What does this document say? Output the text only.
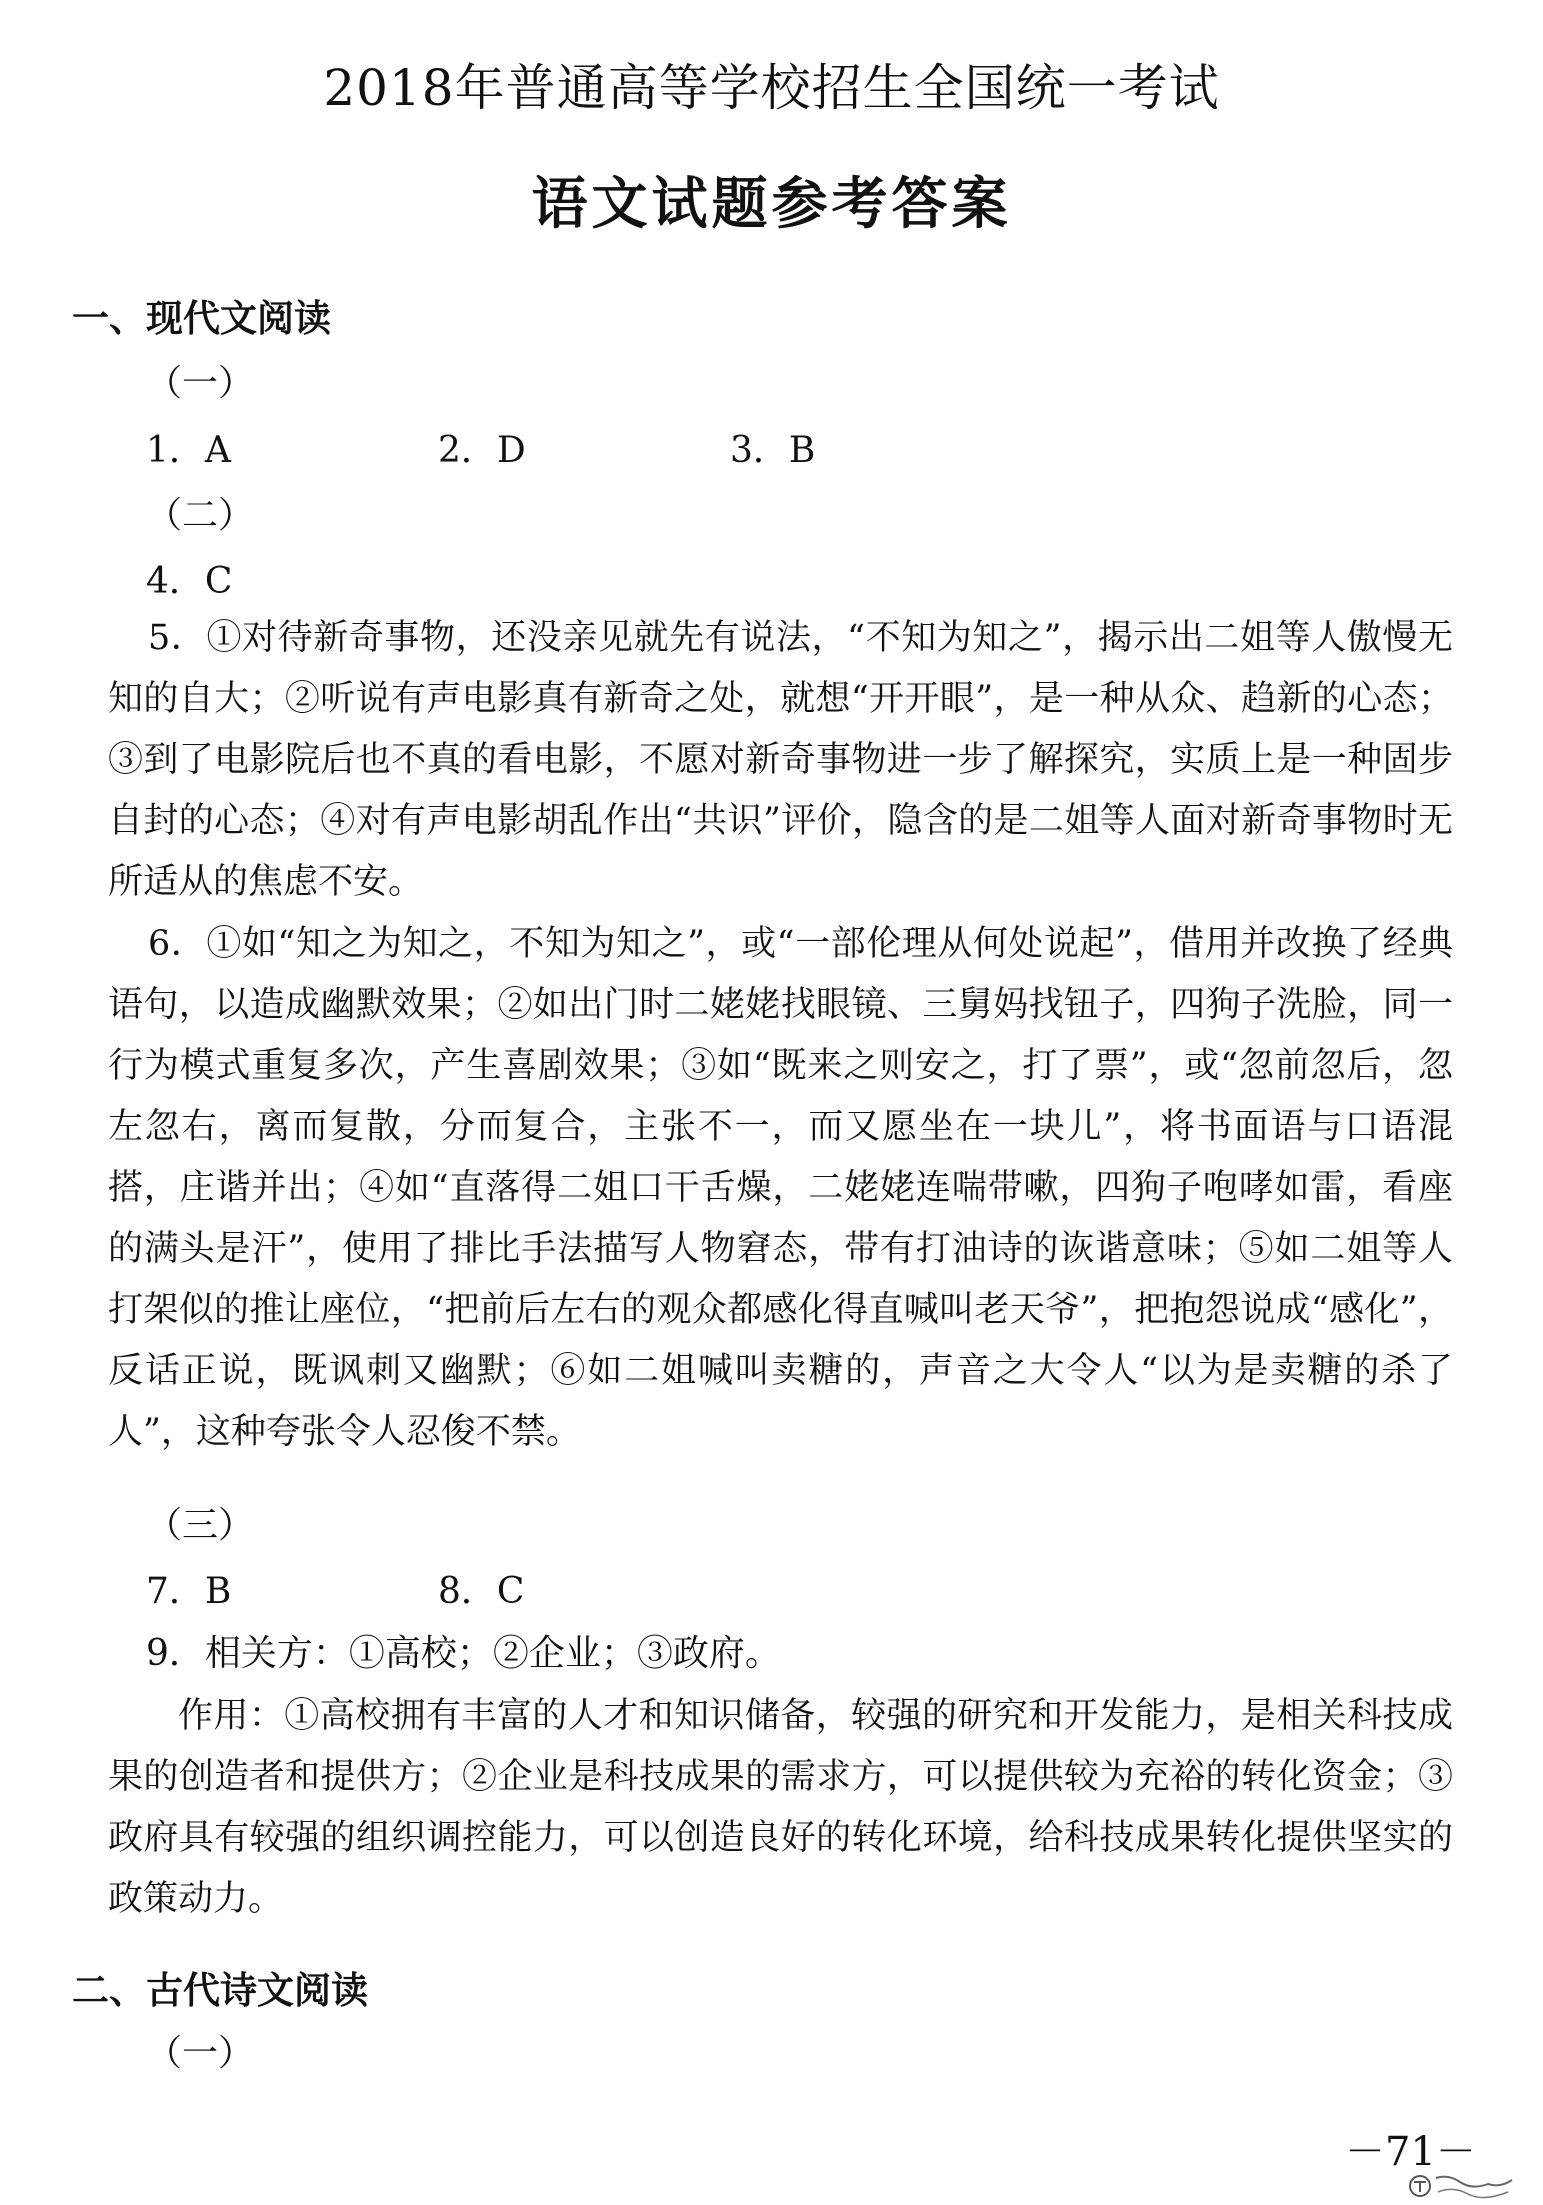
2018年普通高等学校招生全国统一考试
语文试题参考答案
一、现代文阅读
（一）
1．A	2．D	3．B
（二）
4．C
5．①对待新奇事物，还没亲见就先有说法，“不知为知之”，揭示出二姐等人傲慢无知的自大；②听说有声电影真有新奇之处，就想“开开眼”，是一种从众、趋新的心态；③到了电影院后也不真的看电影，不愿对新奇事物进一步了解探究，实质上是一种固步自封的心态；④对有声电影胡乱作出“共识”评价，隐含的是二姐等人面对新奇事物时无所适从的焦虑不安。
6．①如“知之为知之，不知为知之”，或“一部伦理从何处说起”，借用并改换了经典语句，以造成幽默效果；②如出门时二姥姥找眼镜、三舅妈找钮子，四狗子洗脸，同一行为模式重复多次，产生喜剧效果；③如“既来之则安之，打了票”，或“忽前忽后，忽左忽右，离而复散，分而复合，主张不一，而又愿坐在一块儿”，将书面语与口语混搭，庄谐并出；④如“直落得二姐口干舌燥，二姥姥连喘带嗽，四狗子咆哮如雷，看座的满头是汗”，使用了排比手法描写人物窘态，带有打油诗的诙谐意味；⑤如二姐等人打架似的推让座位，“把前后左右的观众都感化得直喊叫老天爷”，把抱怨说成“感化”，反话正说，既讽刺又幽默；⑥如二姐喊叫卖糖的，声音之大令人“以为是卖糖的杀了人”，这种夸张令人忍俊不禁。
（三）
7．B	8．C
9．相关方：①高校；②企业；③政府。
作用：①高校拥有丰富的人才和知识储备，较强的研究和开发能力，是相关科技成果的创造者和提供方；②企业是科技成果的需求方，可以提供较为充裕的转化资金；③政府具有较强的组织调控能力，可以创造良好的转化环境，给科技成果转化提供坚实的政策动力。
二、古代诗文阅读
（一）
－71－
